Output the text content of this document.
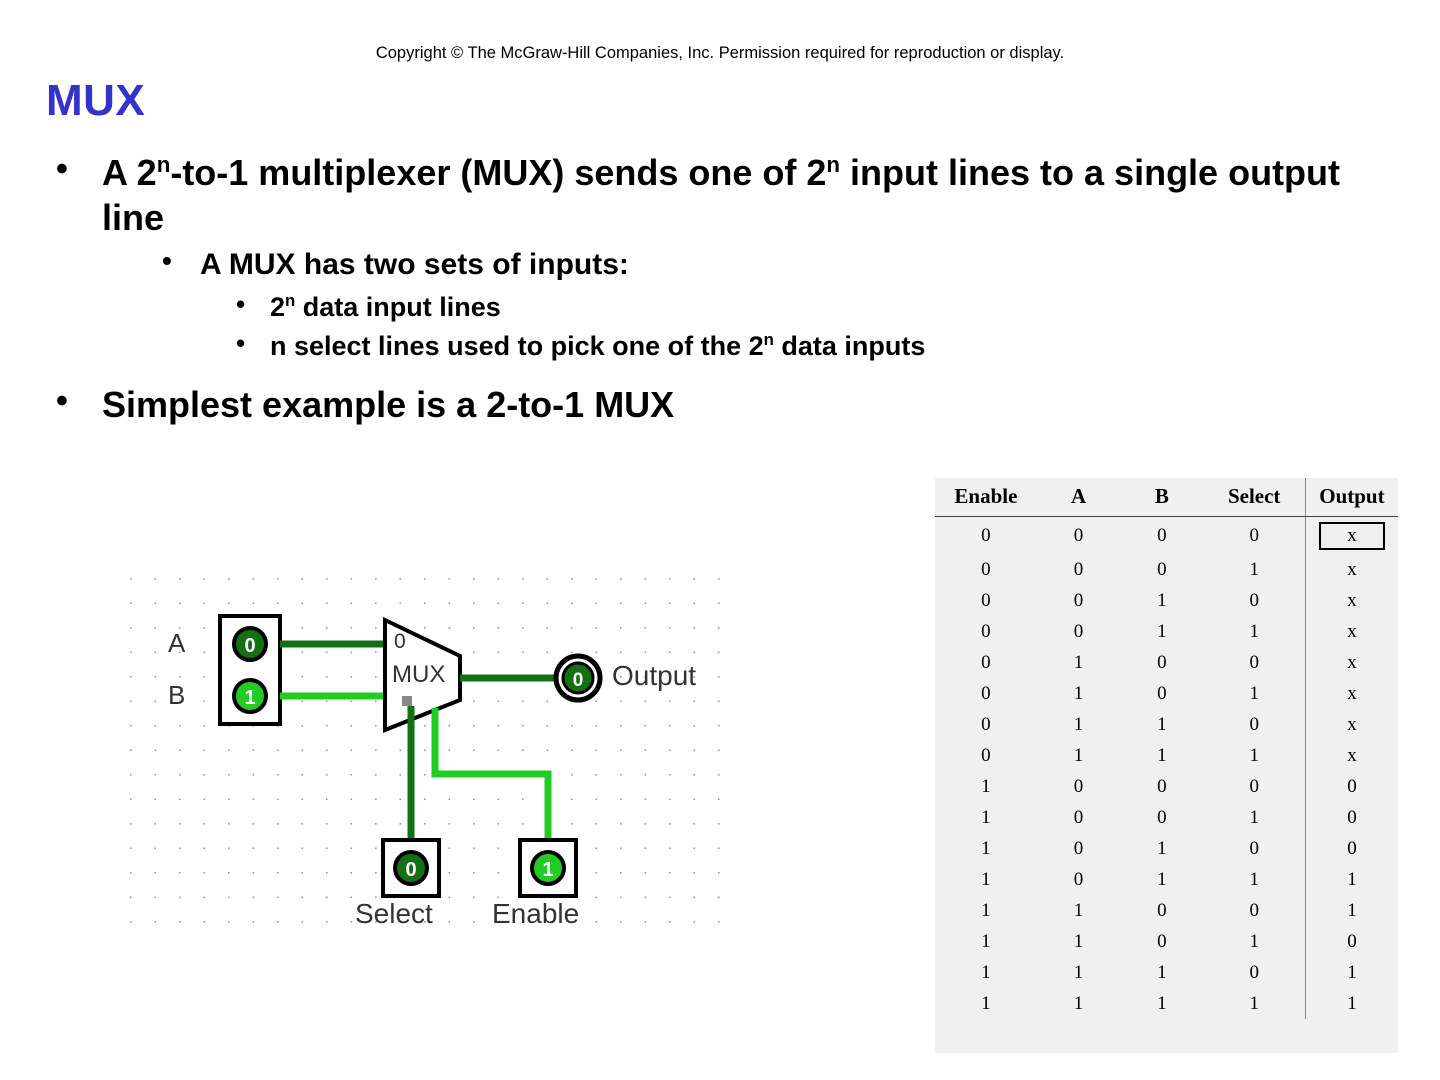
Copyright © The McGraw-Hill Companies, Inc. Permission required for reproduction or display.
MUX
• A 2$^n$-to-1 multiplexer (MUX) sends one of 2$^n$ input lines to a single output line
• A MUX has two sets of inputs:
• 2$^n$ data input lines
• n select lines used to pick one of the 2$^n$ data inputs
• Simplest example is a 2-to-1 MUX
0
1
0
MUX	0
0	1
A
B
Output
Select Enable
Enable	A	B	Select	Output
0	0	0	0	x
0	0	0	1	x
0	0	1	0	x
0	0	1	1	x
0	1	0	0	x
0	1	0	1	x
0	1	1	0	x
0	1	1	1	x
1	0	0	0	0
1	0	0	1	0
1	0	1	0	0
1	0	1	1	1
1	1	0	0	1
1	1	0	1	0
1	1	1	0	1
1	1	1	1	1
